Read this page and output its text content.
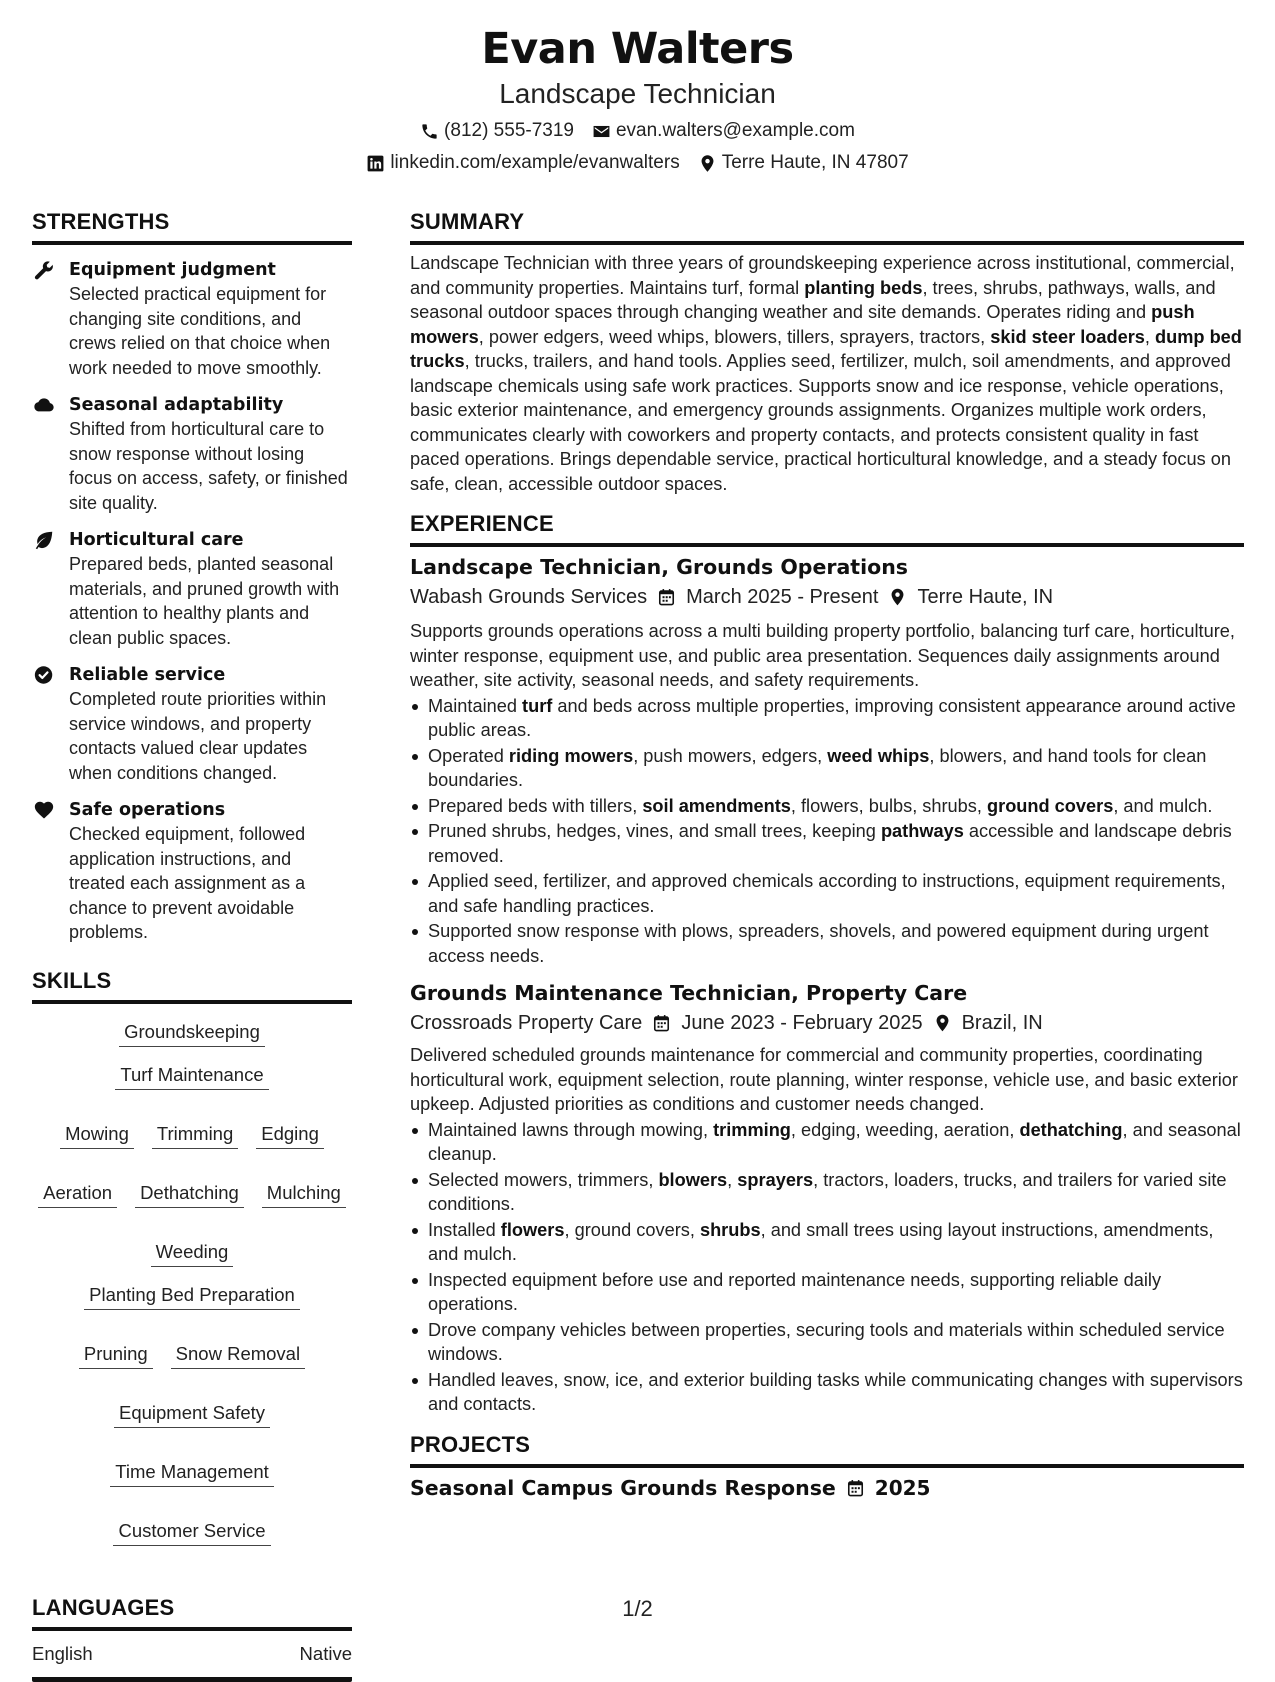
Evan Walters
Landscape Technician
(812) 555-7319 evan.walters@example.com
linkedin.com/example/evanwalters Terre Haute, IN 47807
STRENGTHS
Equipment judgment
Selected practical equipment for changing site conditions, and crews relied on that choice when work needed to move smoothly.
Seasonal adaptability
Shifted from horticultural care to snow response without losing focus on access, safety, or finished site quality.
Horticultural care
Prepared beds, planted seasonal materials, and pruned growth with attention to healthy plants and clean public spaces.
Reliable service
Completed route priorities within service windows, and property contacts valued clear updates when conditions changed.
Safe operations
Checked equipment, followed application instructions, and treated each assignment as a chance to prevent avoidable problems.
SKILLS
Groundskeeping
Turf Maintenance
Mowing Trimming Edging
Aeration Dethatching Mulching
Weeding
Planting Bed Preparation
Pruning Snow Removal
Equipment Safety
Time Management
Customer Service
LANGUAGES
English	Native
SUMMARY
Landscape Technician with three years of groundskeeping experience across institutional, commercial, and community properties. Maintains turf, formal planting beds, trees, shrubs, pathways, walls, and seasonal outdoor spaces through changing weather and site demands. Operates riding and push mowers, power edgers, weed whips, blowers, tillers, sprayers, tractors, skid steer loaders, dump bed trucks, trucks, trailers, and hand tools. Applies seed, fertilizer, mulch, soil amendments, and approved landscape chemicals using safe work practices. Supports snow and ice response, vehicle operations, basic exterior maintenance, and emergency grounds assignments. Organizes multiple work orders, communicates clearly with coworkers and property contacts, and protects consistent quality in fast paced operations. Brings dependable service, practical horticultural knowledge, and a steady focus on safe, clean, accessible outdoor spaces.
EXPERIENCE
Landscape Technician, Grounds Operations
Wabash Grounds Services March 2025 - Present Terre Haute, IN
Supports grounds operations across a multi building property portfolio, balancing turf care, horticulture, winter response, equipment use, and public area presentation. Sequences daily assignments around weather, site activity, seasonal needs, and safety requirements.
Maintained turf and beds across multiple properties, improving consistent appearance around active public areas.
Operated riding mowers, push mowers, edgers, weed whips, blowers, and hand tools for clean boundaries.
Prepared beds with tillers, soil amendments, flowers, bulbs, shrubs, ground covers, and mulch.
Pruned shrubs, hedges, vines, and small trees, keeping pathways accessible and landscape debris removed.
Applied seed, fertilizer, and approved chemicals according to instructions, equipment requirements, and safe handling practices.
Supported snow response with plows, spreaders, shovels, and powered equipment during urgent access needs.
Grounds Maintenance Technician, Property Care
Crossroads Property Care June 2023 - February 2025 Brazil, IN
Delivered scheduled grounds maintenance for commercial and community properties, coordinating horticultural work, equipment selection, route planning, winter response, vehicle use, and basic exterior upkeep. Adjusted priorities as conditions and customer needs changed.
Maintained lawns through mowing, trimming, edging, weeding, aeration, dethatching, and seasonal cleanup.
Selected mowers, trimmers, blowers, sprayers, tractors, loaders, trucks, and trailers for varied site conditions.
Installed flowers, ground covers, shrubs, and small trees using layout instructions, amendments, and mulch.
Inspected equipment before use and reported maintenance needs, supporting reliable daily operations.
Drove company vehicles between properties, securing tools and materials within scheduled service windows.
Handled leaves, snow, ice, and exterior building tasks while communicating changes with supervisors and contacts.
PROJECTS
Seasonal Campus Grounds Response 2025
1/2
